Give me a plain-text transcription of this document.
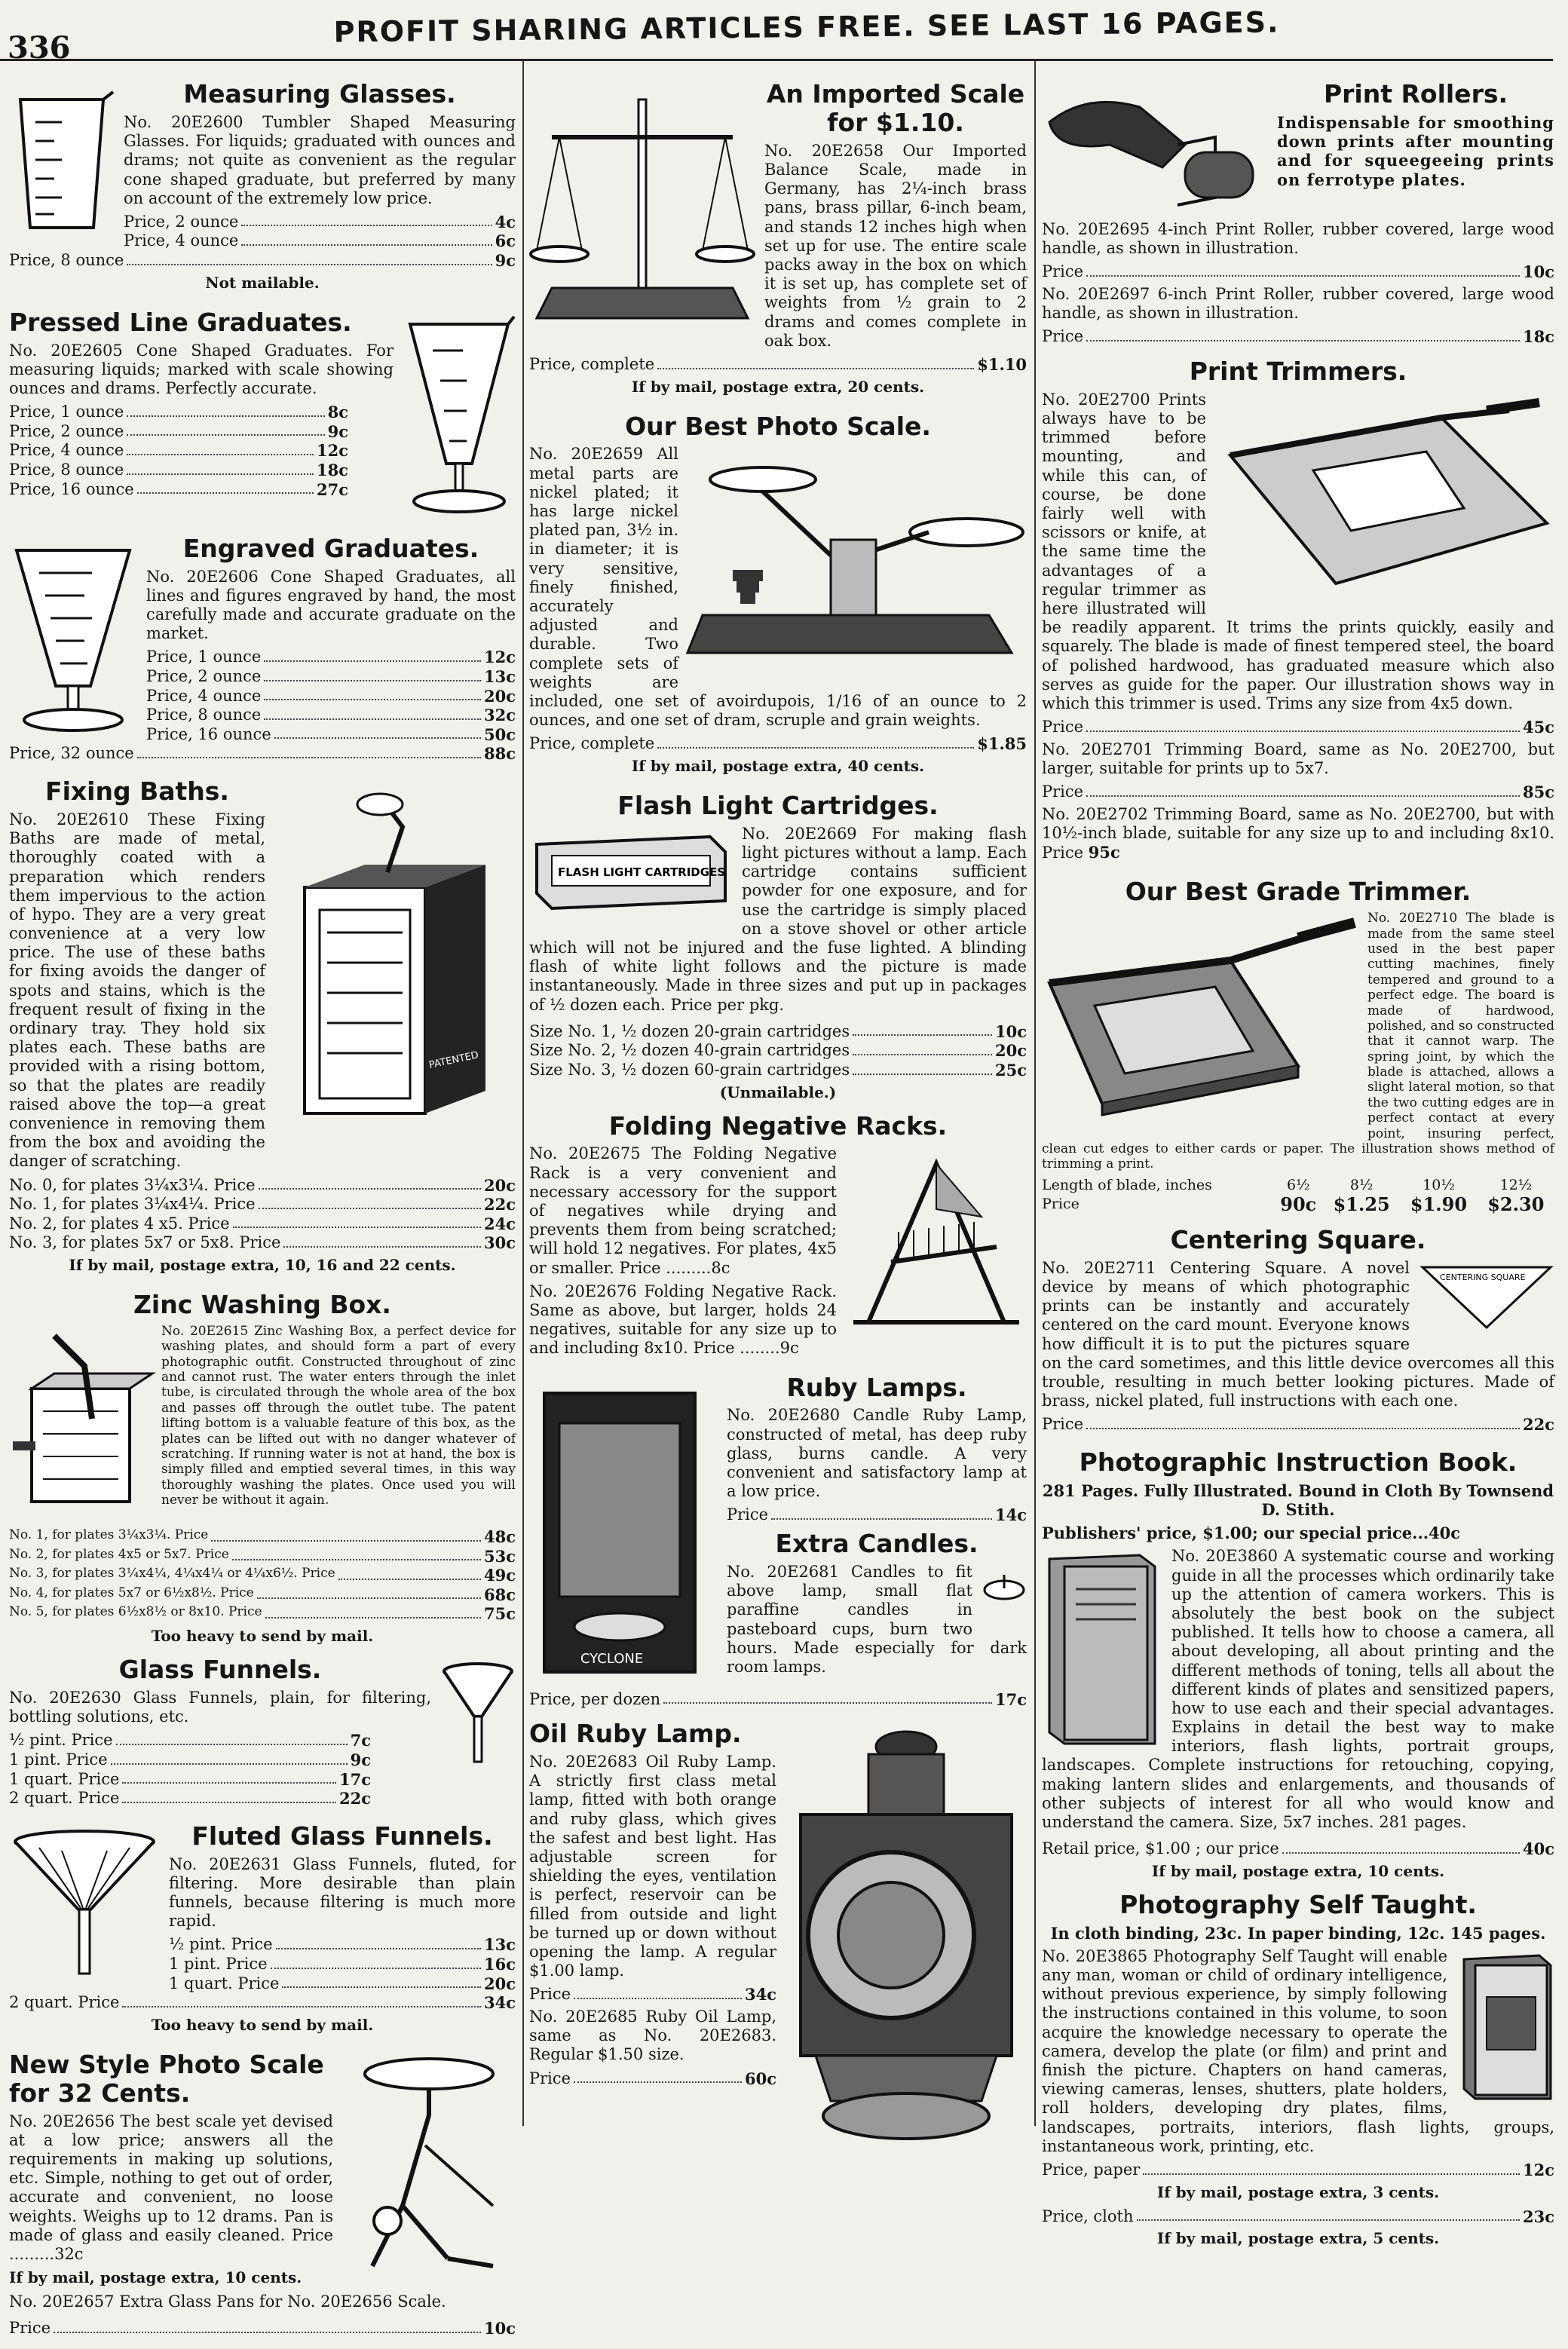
336	PROFIT SHARING ARTICLES FREE. SEE LAST 16 PAGES.
Measuring Glasses.
No. 20E2600 Tumbler Shaped Measuring Glasses. For liquids; graduated with ounces and drams; not quite as convenient as the regular cone shaped graduate, but preferred by many on account of the extremely low price.
Price, 2 ounce	4c
Price, 4 ounce	6c
Price, 8 ounce	9c
Not mailable.
Pressed Line Graduates.
No. 20E2605 Cone Shaped Graduates. For measuring liquids; marked with scale showing ounces and drams. Perfectly accurate.
Price, 1 ounce	8c
Price, 2 ounce	9c
Price, 4 ounce	12c
Price, 8 ounce	18c
Price, 16 ounce	27c
Engraved Graduates.
No. 20E2606 Cone Shaped Graduates, all lines and figures engraved by hand, the most carefully made and accurate graduate on the market.
Price, 1 ounce	12c
Price, 2 ounce	13c
Price, 4 ounce	20c
Price, 8 ounce	32c
Price, 16 ounce	50c
Price, 32 ounce	88c
PATENTED
Fixing Baths.
No. 20E2610 These Fixing Baths are made of metal, thoroughly coated with a preparation which renders them impervious to the action of hypo. They are a very great convenience at a very low price. The use of these baths for fixing avoids the danger of spots and stains, which is the frequent result of fixing in the ordinary tray. They hold six plates each. These baths are provided with a rising bottom, so that the plates are readily raised above the top—a great convenience in removing them from the box and avoiding the danger of scratching.
No. 0, for plates 3¼x3¼. Price	20c
No. 1, for plates 3¼x4¼. Price	22c
No. 2, for plates 4 x5. Price	24c
No. 3, for plates 5x7 or 5x8. Price	30c
If by mail, postage extra, 10, 16 and 22 cents.
Zinc Washing Box.
No. 20E2615 Zinc Washing Box, a perfect device for washing plates, and should form a part of every photographic outfit. Constructed throughout of zinc and cannot rust. The water enters through the inlet tube, is circulated through the whole area of the box and passes off through the outlet tube. The patent lifting bottom is a valuable feature of this box, as the plates can be lifted out with no danger whatever of scratching. If running water is not at hand, the box is simply filled and emptied several times, in this way thoroughly washing the plates. Once used you will never be without it again.
No. 1, for plates 3¼x3¼. Price	48c
No. 2, for plates 4x5 or 5x7. Price	53c
No. 3, for plates 3¼x4¼, 4¼x4¼ or 4¼x6½. Price	49c
No. 4, for plates 5x7 or 6½x8½. Price	68c
No. 5, for plates 6½x8½ or 8x10. Price	75c
Too heavy to send by mail.
Glass Funnels.
No. 20E2630 Glass Funnels, plain, for filtering, bottling solutions, etc.
½ pint. Price	7c
1 pint. Price	9c
1 quart. Price	17c
2 quart. Price	22c
Fluted Glass Funnels.
No. 20E2631 Glass Funnels, fluted, for filtering. More desirable than plain funnels, because filtering is much more rapid.
½ pint. Price	13c
1 pint. Price	16c
1 quart. Price	20c
2 quart. Price	34c
Too heavy to send by mail.
New Style Photo Scale for 32 Cents.
No. 20E2656 The best scale yet devised at a low price; answers all the requirements in making up solutions, etc. Simple, nothing to get out of order, accurate and convenient, no loose weights. Weighs up to 12 drams. Pan is made of glass and easily cleaned. Price .........32c
If by mail, postage extra, 10 cents.
No. 20E2657 Extra Glass Pans for No. 20E2656 Scale.
Price	10c
An Imported Scale for $1.10.
No. 20E2658 Our Imported Balance Scale, made in Germany, has 2¼-inch brass pans, brass pillar, 6-inch beam, and stands 12 inches high when set up for use. The entire scale packs away in the box on which it is set up, has complete set of weights from ½ grain to 2 drams and comes complete in oak box.
Price, complete	$1.10
If by mail, postage extra, 20 cents.
Our Best Photo Scale.
No. 20E2659 All metal parts are nickel plated; it has large nickel plated pan, 3½ in. in diameter; it is very sensitive, finely finished, accurately adjusted and durable. Two complete sets of weights are included, one set of avoirdupois, 1/16 of an ounce to 2 ounces, and one set of dram, scruple and grain weights.
Price, complete	$1.85
If by mail, postage extra, 40 cents.
Flash Light Cartridges.
FLASH LIGHT CARTRIDGES
No. 20E2669 For making flash light pictures without a lamp. Each cartridge contains sufficient powder for one exposure, and for use the cartridge is simply placed on a stove shovel or other article which will not be injured and the fuse lighted. A blinding flash of white light follows and the picture is made instantaneously. Made in three sizes and put up in packages of ½ dozen each. Price per pkg.
Size No. 1, ½ dozen 20-grain cartridges	10c
Size No. 2, ½ dozen 40-grain cartridges	20c
Size No. 3, ½ dozen 60-grain cartridges	25c
(Unmailable.)
Folding Negative Racks.
No. 20E2675 The Folding Negative Rack is a very convenient and necessary accessory for the support of negatives while drying and prevents them from being scratched; will hold 12 negatives. For plates, 4x5 or smaller. Price .........8c
No. 20E2676 Folding Negative Rack. Same as above, but larger, holds 24 negatives, suitable for any size up to and including 8x10. Price ........9c
CYCLONE
Ruby Lamps.
No. 20E2680 Candle Ruby Lamp, constructed of metal, has deep ruby glass, burns candle. A very convenient and satisfactory lamp at a low price.
Price	14c
Extra Candles.
No. 20E2681 Candles to fit above lamp, small flat paraffine candles in pasteboard cups, burn two hours. Made especially for dark room lamps.
Price, per dozen	17c
Oil Ruby Lamp.
No. 20E2683 Oil Ruby Lamp. A strictly first class metal lamp, fitted with both orange and ruby glass, which gives the safest and best light. Has adjustable screen for shielding the eyes, ventilation is perfect, reservoir can be filled from outside and light be turned up or down without opening the lamp. A regular $1.00 lamp.
Price	34c
No. 20E2685 Ruby Oil Lamp, same as No. 20E2683. Regular $1.50 size.
Price	60c
Print Rollers.
Indispensable for smoothing down prints after mounting and for squeegeeing prints on ferrotype plates.
No. 20E2695 4-inch Print Roller, rubber covered, large wood handle, as shown in illustration.
Price	10c
No. 20E2697 6-inch Print Roller, rubber covered, large wood handle, as shown in illustration.
Price	18c
Print Trimmers.
No. 20E2700 Prints always have to be trimmed before mounting, and while this can, of course, be done fairly well with scissors or knife, at the same time the advantages of a regular trimmer as here illustrated will be readily apparent. It trims the prints quickly, easily and squarely. The blade is made of finest tempered steel, the board of polished hardwood, has graduated measure which also serves as guide for the paper. Our illustration shows way in which this trimmer is used. Trims any size from 4x5 down.
Price	45c
No. 20E2701 Trimming Board, same as No. 20E2700, but larger, suitable for prints up to 5x7.
Price	85c
No. 20E2702 Trimming Board, same as No. 20E2700, but with 10½-inch blade, suitable for any size up to and including 8x10. Price 95c
Our Best Grade Trimmer.
No. 20E2710 The blade is made from the same steel used in the best paper cutting machines, finely tempered and ground to a perfect edge. The board is made of hardwood, polished, and so constructed that it cannot warp. The spring joint, by which the blade is attached, allows a slight lateral motion, so that the two cutting edges are in perfect contact at every point, insuring perfect, clean cut edges to either cards or paper. The illustration shows method of trimming a print.
Length of blade, inches	6½	8½	10½	12½
Price	90c	$1.25	$1.90	$2.30
Centering Square.
CENTERING SQUARE
No. 20E2711 Centering Square. A novel device by means of which photographic prints can be instantly and accurately centered on the card mount. Everyone knows how difficult it is to put the pictures square on the card sometimes, and this little device overcomes all this trouble, resulting in much better looking pictures. Made of brass, nickel plated, full instructions with each one.
Price	22c
Photographic Instruction Book.
281 Pages. Fully Illustrated. Bound in Cloth By Townsend D. Stith.
Publishers' price, $1.00; our special price...40c
No. 20E3860 A systematic course and working guide in all the processes which ordinarily take up the attention of camera workers. This is absolutely the best book on the subject published. It tells how to choose a camera, all about developing, all about printing and the different methods of toning, tells all about the different kinds of plates and sensitized papers, how to use each and their special advantages. Explains in detail the best way to make interiors, flash lights, portrait groups, landscapes. Complete instructions for retouching, copying, making lantern slides and enlargements, and thousands of other subjects of interest for all who would know and understand the camera. Size, 5x7 inches. 281 pages.
Retail price, $1.00 ; our price	40c
If by mail, postage extra, 10 cents.
Photography Self Taught.
In cloth binding, 23c. In paper binding, 12c. 145 pages.
No. 20E3865 Photography Self Taught will enable any man, woman or child of ordinary intelligence, without previous experience, by simply following the instructions contained in this volume, to soon acquire the knowledge necessary to operate the camera, develop the plate (or film) and print and finish the picture. Chapters on hand cameras, viewing cameras, lenses, shutters, plate holders, roll holders, developing dry plates, films, landscapes, portraits, interiors, flash lights, groups, instantaneous work, printing, etc.
Price, paper	12c
If by mail, postage extra, 3 cents.
Price, cloth	23c
If by mail, postage extra, 5 cents.
